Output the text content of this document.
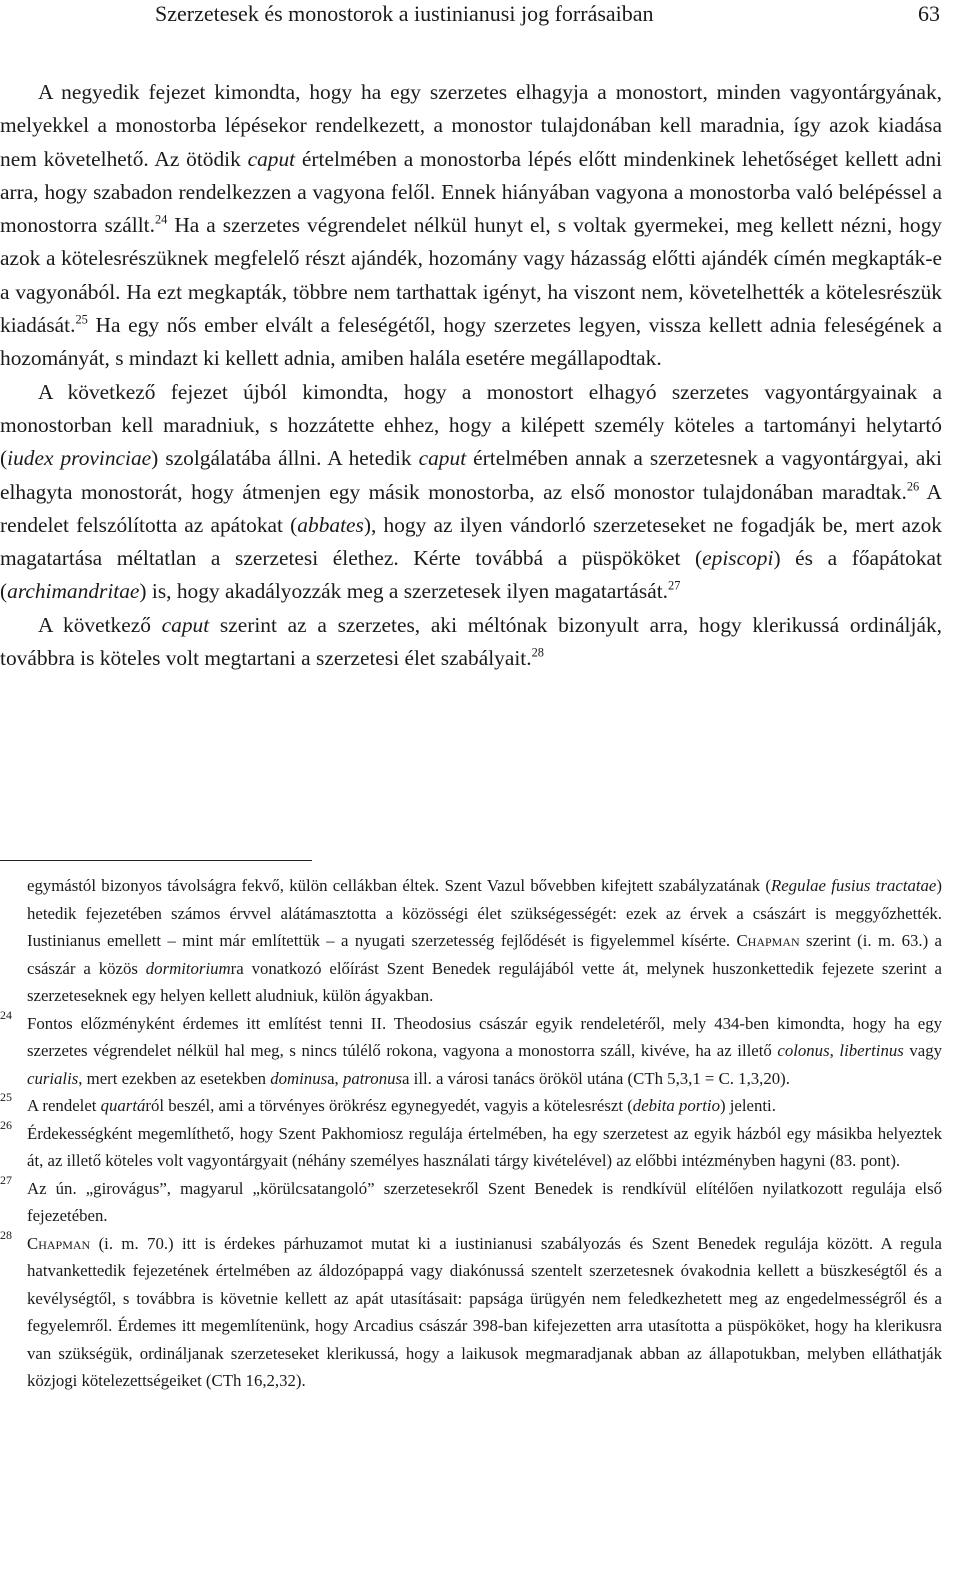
Szerzetesek és monostorok a iustinianusi jog forrásaiban	63

A negyedik fejezet kimondta, hogy ha egy szerzetes elhagyja a monostort, minden vagyontárgyának, melyekkel a monostorba lépésekor rendelkezett, a monostor tulajdonában kell maradnia, így azok kiadása nem követelhető. Az ötödik caput értelmében a monostorba lépés előtt mindenkinek lehetőséget kellett adni arra, hogy szabadon rendelkezzen a vagyona felől. Ennek hiányában vagyona a monostorba való belépéssel a monostorra szállt.$^{24}$ Ha a szerzetes végrendelet nélkül hunyt el, s voltak gyermekei, meg kellett nézni, hogy azok a kötelesrészüknek megfelelő részt ajándék, hozomány vagy házasság előtti ajándék címén megkapták-e a vagyonából. Ha ezt megkapták, többre nem tarthattak igényt, ha viszont nem, követelhették a kötelesrészük kiadását.$^{25}$ Ha egy nős ember elvált a feleségétől, hogy szerzetes legyen, vissza kellett adnia feleségének a hozományát, s mindazt ki kellett adnia, amiben halála esetére megállapodtak.

A következő fejezet újból kimondta, hogy a monostort elhagyó szerzetes vagyontárgyainak a monostorban kell maradniuk, s hozzátette ehhez, hogy a kilépett személy köteles a tartományi helytartó (iudex provinciae) szolgálatába állni. A hetedik caput értelmében annak a szerzetesnek a vagyontárgyai, aki elhagyta monostorát, hogy átmenjen egy másik monostorba, az első monostor tulajdonában maradtak.$^{26}$ A rendelet felszólította az apátokat (abbates), hogy az ilyen vándorló szerzeteseket ne fogadják be, mert azok magatartása méltatlan a szerzetesi élethez. Kérte továbbá a püspököket (episcopi) és a főapátokat (archimandritae) is, hogy akadályozzák meg a szerzetesek ilyen magatartását.$^{27}$

A következő caput szerint az a szerzetes, aki méltónak bizonyult arra, hogy klerikussá ordinálják, továbbra is köteles volt megtartani a szerzetesi élet szabályait.$^{28}$

egymástól bizonyos távolságra fekvő, külön cellákban éltek. Szent Vazul bővebben kifejtett szabályzatának (Regulae fusius tractatae) hetedik fejezetében számos érvvel alátámasztotta a közösségi élet szükségességét: ezek az érvek a császárt is meggyőzhették. Iustinianus emellett – mint már említettük – a nyugati szerzetesség fejlődését is figyelemmel kísérte. Chapman szerint (i. m. 63.) a császár a közös dormitoriumra vonatkozó előírást Szent Benedek regulájából vette át, melynek huszonkettedik fejezete szerint a szerzeteseknek egy helyen kellett aludniuk, külön ágyakban.
24 Fontos előzményként érdemes itt említést tenni II. Theodosius császár egyik rendeletéről, mely 434-ben kimondta, hogy ha egy szerzetes végrendelet nélkül hal meg, s nincs túlélő rokona, vagyona a monostorra száll, kivéve, ha az illető colonus, libertinus vagy curialis, mert ezekben az esetekben dominusa, patronusa ill. a városi tanács örököl utána (CTh 5,3,1 = C. 1,3,20).
25 A rendelet quartáról beszél, ami a törvényes örökrész egynegyedét, vagyis a kötelesrészt (debita portio) jelenti.
26 Érdekességként megemlíthető, hogy Szent Pakhomiosz regulája értelmében, ha egy szerzetest az egyik házból egy másikba helyeztek át, az illető köteles volt vagyontárgyait (néhány személyes használati tárgy kivételével) az előbbi intézményben hagyni (83. pont).
27 Az ún. „girovágus”, magyarul „körülcsatangoló” szerzetesekről Szent Benedek is rendkívül elítélően nyilatkozott regulája első fejezetében.
28 Chapman (i. m. 70.) itt is érdekes párhuzamot mutat ki a iustinianusi szabályozás és Szent Benedek regulája között. A regula hatvankettedik fejezetének értelmében az áldozópappá vagy diakónussá szentelt szerzetesnek óvakodnia kellett a büszkeségtől és a kevélységtől, s továbbra is követnie kellett az apát utasításait: papsága ürügyén nem feledkezhetett meg az engedelmességről és a fegyelemről. Érdemes itt megemlítenünk, hogy Arcadius császár 398-ban kifejezetten arra utasította a püspököket, hogy ha klerikusra van szükségük, ordináljanak szerzeteseket klerikussá, hogy a laikusok megmaradjanak abban az állapotukban, melyben elláthatják közjogi kötelezettségeiket (CTh 16,2,32).
